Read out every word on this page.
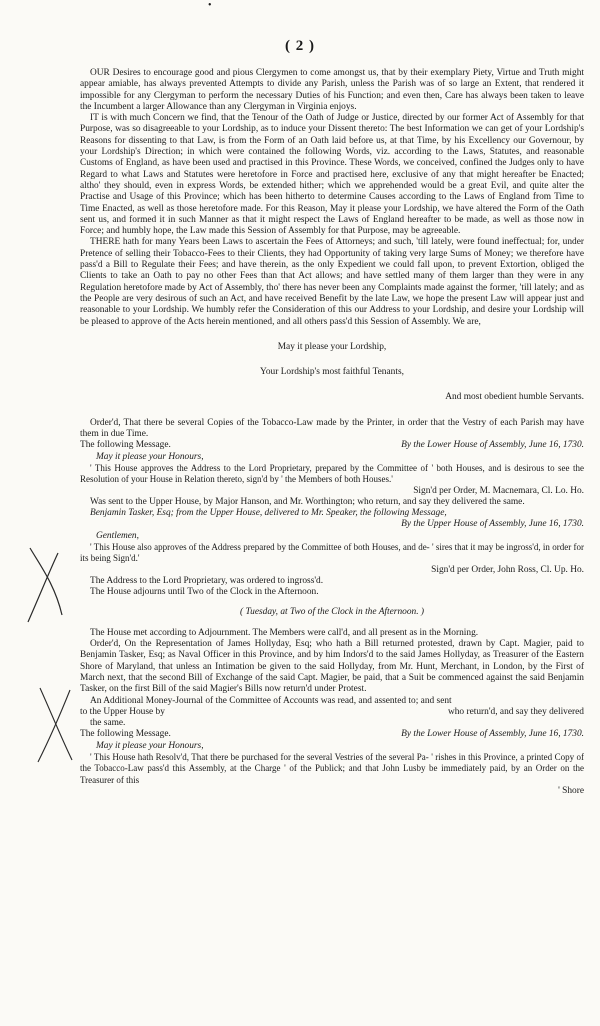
•
( 2 )

OUR Desires to encourage good and pious Clergymen to come amongst us, that by their exemplary Piety, Virtue and Truth might appear amiable, has always prevented Attempts to divide any Parish, unless the Parish was of so large an Extent, that rendered it impossible for any Clergyman to perform the necessary Duties of his Function; and even then, Care has always been taken to leave the Incumbent a larger Allowance than any Clergyman in Virginia enjoys.

IT is with much Concern we find, that the Tenour of the Oath of Judge or Justice, directed by our former Act of Assembly for that Purpose, was so disagreeable to your Lordship, as to induce your Dissent thereto: The best Information we can get of your Lordship's Reasons for dissenting to that Law, is from the Form of an Oath laid before us, at that Time, by his Excellency our Governour, by your Lordship's Direction; in which were contained the following Words, viz. according to the Laws, Statutes, and reasonable Customs of England, as have been used and practised in this Province. These Words, we conceived, confined the Judges only to have Regard to what Laws and Statutes were heretofore in Force and practised here, exclusive of any that might hereafter be Enacted; altho' they should, even in express Words, be extended hither; which we apprehended would be a great Evil, and quite alter the Practise and Usage of this Province; which has been hitherto to determine Causes according to the Laws of England from Time to Time Enacted, as well as those heretofore made. For this Reason, May it please your Lordship, we have altered the Form of the Oath sent us, and formed it in such Manner as that it might respect the Laws of England hereafter to be made, as well as those now in Force; and humbly hope, the Law made this Session of Assembly for that Purpose, may be agreeable.

THERE hath for many Years been Laws to ascertain the Fees of Attorneys; and such, 'till lately, were found ineffectual; for, under Pretence of selling their Tobacco-Fees to their Clients, they had Opportunity of taking very large Sums of Money; we therefore have pass'd a Bill to Regulate their Fees; and have therein, as the only Expedient we could fall upon, to prevent Extortion, obliged the Clients to take an Oath to pay no other Fees than that Act allows; and have settled many of them larger than they were in any Regulation heretofore made by Act of Assembly, tho' there has never been any Complaints made against the former, 'till lately; and as the People are very desirous of such an Act, and have received Benefit by the late Law, we hope the present Law will appear just and reasonable to your Lordship. We humbly refer the Consideration of this our Address to your Lordship, and desire your Lordship will be pleased to approve of the Acts herein mentioned, and all others pass'd this Session of Assembly. We are,

May it please your Lordship,

Your Lordship's most faithful Tenants,

And most obedient humble Servants.

Order'd, That there be several Copies of the Tobacco-Law made by the Printer, in order that the Vestry of each Parish may have them in due Time.

The following Message.	By the Lower House of Assembly, June 16, 1730.

May it please your Honours,

' This House approves the Address to the Lord Proprietary, prepared by the Committee of ' both Houses, and is desirous to see the Resolution of your House in Relation thereto, sign'd by ' the Members of both Houses.'

Sign'd per Order, M. Macnemara, Cl. Lo. Ho.

Was sent to the Upper House, by Major Hanson, and Mr. Worthington; who return, and say they delivered the same.

Benjamin Tasker, Esq; from the Upper House, delivered to Mr. Speaker, the following Message,

By the Upper House of Assembly, June 16, 1730.

Gentlemen,

' This House also approves of the Address prepared by the Committee of both Houses, and de- ' sires that it may be ingross'd, in order for its being Sign'd.'

Sign'd per Order, John Ross, Cl. Up. Ho.

The Address to the Lord Proprietary, was ordered to ingross'd.

The House adjourns until Two of the Clock in the Afternoon.

( Tuesday, at Two of the Clock in the Afternoon. )

The House met according to Adjournment. The Members were call'd, and all present as in the Morning.

Order'd, On the Representation of James Hollyday, Esq; who hath a Bill returned protested, drawn by Capt. Magier, paid to Benjamin Tasker, Esq; as Naval Officer in this Province, and by him Indors'd to the said James Hollyday, as Treasurer of the Eastern Shore of Maryland, that unless an Intimation be given to the said Hollyday, from Mr. Hunt, Merchant, in London, by the First of March next, that the second Bill of Exchange of the said Capt. Magier, be paid, that a Suit be commenced against the said Benjamin Tasker, on the first Bill of the said Magier's Bills now return'd under Protest.

An Additional Money-Journal of the Committee of Accounts was read, and assented to; and sent

to the Upper House by	who return'd, and say they delivered

the same.

The following Message.	By the Lower House of Assembly, June 16, 1730.

May it please your Honours,

' This House hath Resolv'd, That there be purchased for the several Vestries of the several Pa- ' rishes in this Province, a printed Copy of the Tobacco-Law pass'd this Assembly, at the Charge ' of the Publick; and that John Lusby be immediately paid, by an Order on the Treasurer of this

' Shore
